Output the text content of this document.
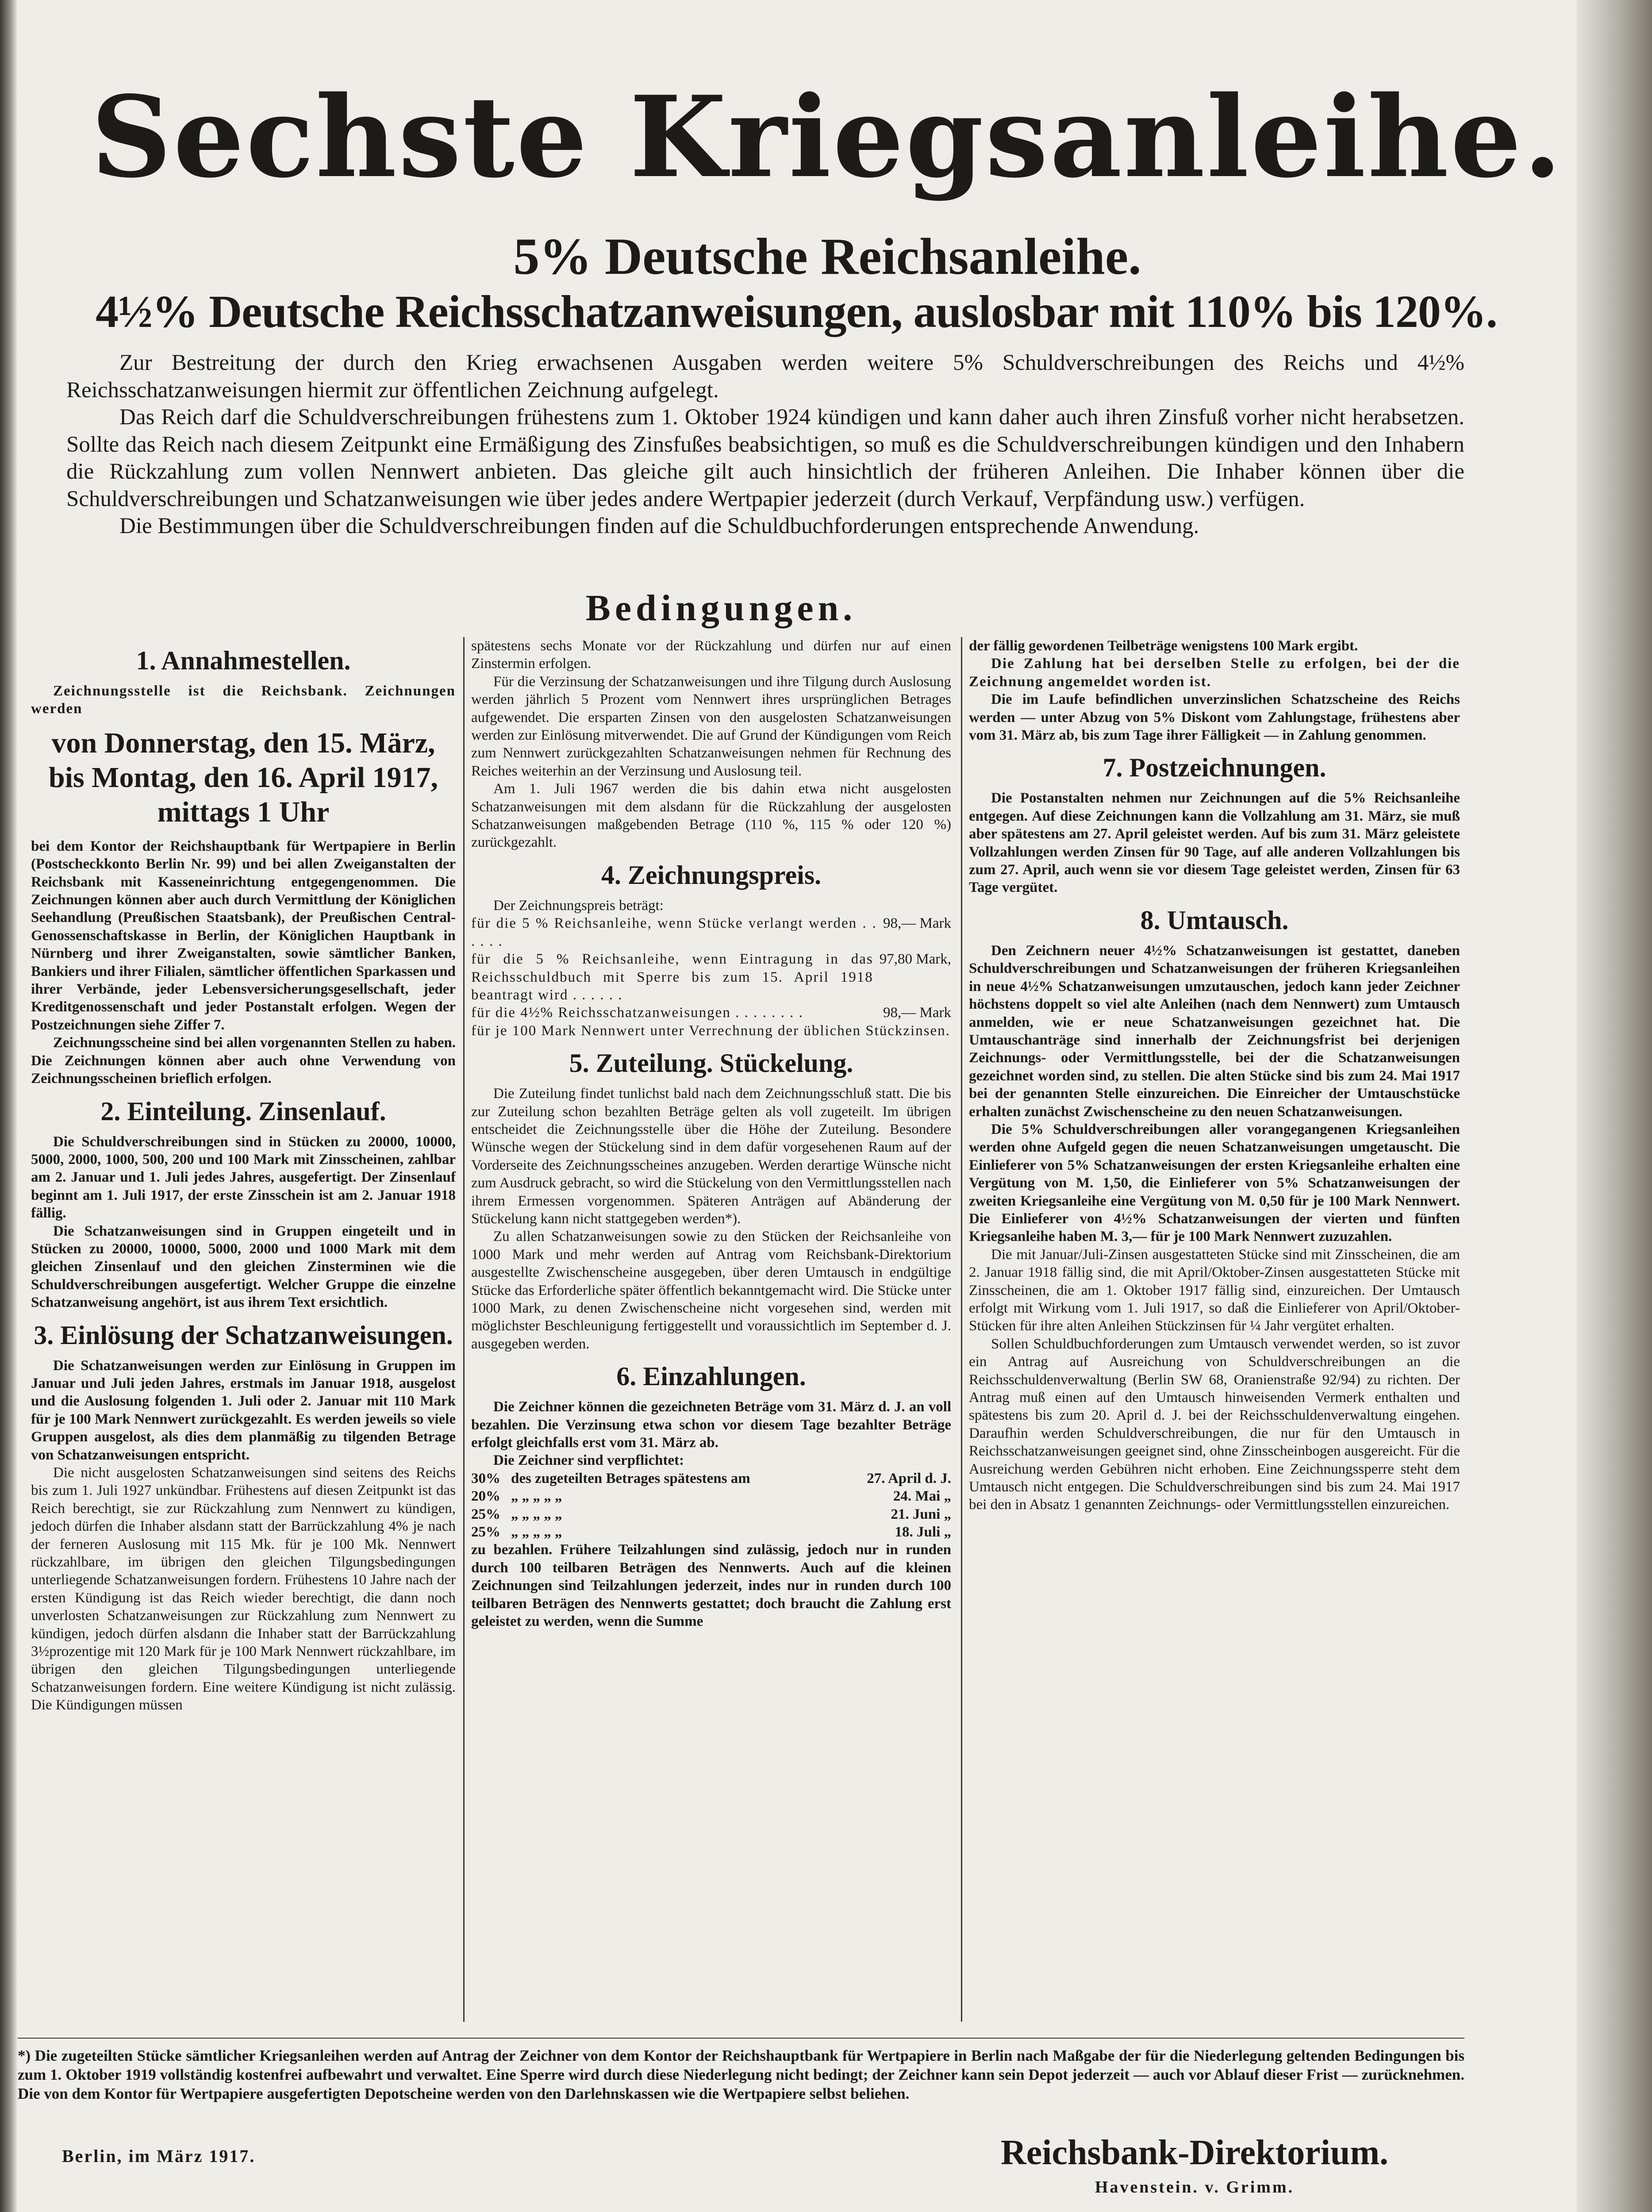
Sechste Kriegsanleihe.
5% Deutsche Reichsanleihe.
4½% Deutsche Reichsschatzanweisungen, auslosbar mit 110% bis 120%.

Zur Bestreitung der durch den Krieg erwachsenen Ausgaben werden weitere 5% Schuldverschreibungen des Reichs und 4½% Reichsschatzanweisungen hiermit zur öffentlichen Zeichnung aufgelegt.

Das Reich darf die Schuldverschreibungen frühestens zum 1. Oktober 1924 kündigen und kann daher auch ihren Zinsfuß vorher nicht herabsetzen. Sollte das Reich nach diesem Zeitpunkt eine Ermäßigung des Zinsfußes beabsichtigen, so muß es die Schuldverschreibungen kündigen und den Inhabern die Rückzahlung zum vollen Nennwert anbieten. Das gleiche gilt auch hinsichtlich der früheren Anleihen. Die Inhaber können über die Schuldverschreibungen und Schatzanweisungen wie über jedes andere Wertpapier jederzeit (durch Verkauf, Verpfändung usw.) verfügen.

Die Bestimmungen über die Schuldverschreibungen finden auf die Schuldbuchforderungen entsprechende Anwendung.

Bedingungen.
1. Annahmestellen.

Zeichnungsstelle ist die Reichsbank. Zeichnungen werden

von Donnerstag, den 15. März, bis Montag, den 16. April 1917, mittags 1 Uhr

bei dem Kontor der Reichshauptbank für Wertpapiere in Berlin (Postscheckkonto Berlin Nr. 99) und bei allen Zweiganstalten der Reichsbank mit Kasseneinrichtung entgegengenommen. Die Zeichnungen können aber auch durch Vermittlung der Königlichen Seehandlung (Preußischen Staatsbank), der Preußischen Central-Genossenschaftskasse in Berlin, der Königlichen Hauptbank in Nürnberg und ihrer Zweiganstalten, sowie sämtlicher Banken, Bankiers und ihrer Filialen, sämtlicher öffentlichen Sparkassen und ihrer Verbände, jeder Lebensversicherungsgesellschaft, jeder Kreditgenossenschaft und jeder Postanstalt erfolgen. Wegen der Postzeichnungen siehe Ziffer 7.

Zeichnungsscheine sind bei allen vorgenannten Stellen zu haben. Die Zeichnungen können aber auch ohne Verwendung von Zeichnungsscheinen brieflich erfolgen.

2. Einteilung. Zinsenlauf.

Die Schuldverschreibungen sind in Stücken zu 20000, 10000, 5000, 2000, 1000, 500, 200 und 100 Mark mit Zinsscheinen, zahlbar am 2. Januar und 1. Juli jedes Jahres, ausgefertigt. Der Zinsenlauf beginnt am 1. Juli 1917, der erste Zinsschein ist am 2. Januar 1918 fällig.

Die Schatzanweisungen sind in Gruppen eingeteilt und in Stücken zu 20000, 10000, 5000, 2000 und 1000 Mark mit dem gleichen Zinsenlauf und den gleichen Zinsterminen wie die Schuldverschreibungen ausgefertigt. Welcher Gruppe die einzelne Schatzanweisung angehört, ist aus ihrem Text ersichtlich.

3. Einlösung der Schatzanweisungen.

Die Schatzanweisungen werden zur Einlösung in Gruppen im Januar und Juli jeden Jahres, erstmals im Januar 1918, ausgelost und die Auslosung folgenden 1. Juli oder 2. Januar mit 110 Mark für je 100 Mark Nennwert zurückgezahlt. Es werden jeweils so viele Gruppen ausgelost, als dies dem planmäßig zu tilgenden Betrage von Schatzanweisungen entspricht.

Die nicht ausgelosten Schatzanweisungen sind seitens des Reichs bis zum 1. Juli 1927 unkündbar. Frühestens auf diesen Zeitpunkt ist das Reich berechtigt, sie zur Rückzahlung zum Nennwert zu kündigen, jedoch dürfen die Inhaber alsdann statt der Barrückzahlung 4% je nach der ferneren Auslosung mit 115 Mk. für je 100 Mk. Nennwert rückzahlbare, im übrigen den gleichen Tilgungsbedingungen unterliegende Schatzanweisungen fordern. Frühestens 10 Jahre nach der ersten Kündigung ist das Reich wieder berechtigt, die dann noch unverlosten Schatzanweisungen zur Rückzahlung zum Nennwert zu kündigen, jedoch dürfen alsdann die Inhaber statt der Barrückzahlung 3½prozentige mit 120 Mark für je 100 Mark Nennwert rückzahlbare, im übrigen den gleichen Tilgungsbedingungen unterliegende Schatzanweisungen fordern. Eine weitere Kündigung ist nicht zulässig. Die Kündigungen müssen

spätestens sechs Monate vor der Rückzahlung und dürfen nur auf einen Zinstermin erfolgen.

Für die Verzinsung der Schatzanweisungen und ihre Tilgung durch Auslosung werden jährlich 5 Prozent vom Nennwert ihres ursprünglichen Betrages aufgewendet. Die ersparten Zinsen von den ausgelosten Schatzanweisungen werden zur Einlösung mitverwendet. Die auf Grund der Kündigungen vom Reich zum Nennwert zurückgezahlten Schatzanweisungen nehmen für Rechnung des Reiches weiterhin an der Verzinsung und Auslosung teil.

Am 1. Juli 1967 werden die bis dahin etwa nicht ausgelosten Schatzanweisungen mit dem alsdann für die Rückzahlung der ausgelosten Schatzanweisungen maßgebenden Betrage (110 %, 115 % oder 120 %) zurückgezahlt.

4. Zeichnungspreis.

Der Zeichnungspreis beträgt:

für die 5 % Reichsanleihe, wenn Stücke verlangt werden . . . . . .
98,— Mark
für die 5 % Reichsanleihe, wenn Eintragung in das Reichsschuldbuch mit Sperre bis zum 15. April 1918 beantragt wird . . . . . .
97,80 Mark,
für die 4½% Reichsschatzanweisungen . . . . . . . .	98,— Mark

für je 100 Mark Nennwert unter Verrechnung der üblichen Stückzinsen.

5. Zuteilung. Stückelung.

Die Zuteilung findet tunlichst bald nach dem Zeichnungsschluß statt. Die bis zur Zuteilung schon bezahlten Beträge gelten als voll zugeteilt. Im übrigen entscheidet die Zeichnungsstelle über die Höhe der Zuteilung. Besondere Wünsche wegen der Stückelung sind in dem dafür vorgesehenen Raum auf der Vorderseite des Zeichnungsscheines anzugeben. Werden derartige Wünsche nicht zum Ausdruck gebracht, so wird die Stückelung von den Vermittlungsstellen nach ihrem Ermessen vorgenommen. Späteren Anträgen auf Abänderung der Stückelung kann nicht stattgegeben werden*).

Zu allen Schatzanweisungen sowie zu den Stücken der Reichsanleihe von 1000 Mark und mehr werden auf Antrag vom Reichsbank-Direktorium ausgestellte Zwischenscheine ausgegeben, über deren Umtausch in endgültige Stücke das Erforderliche später öffentlich bekanntgemacht wird. Die Stücke unter 1000 Mark, zu denen Zwischenscheine nicht vorgesehen sind, werden mit möglichster Beschleunigung fertiggestellt und voraussichtlich im September d. J. ausgegeben werden.

6. Einzahlungen.

Die Zeichner können die gezeichneten Beträge vom 31. März d. J. an voll bezahlen. Die Verzinsung etwa schon vor diesem Tage bezahlter Beträge erfolgt gleichfalls erst vom 31. März ab.

Die Zeichner sind verpflichtet:

30% des zugeteilten Betrages spätestens am	27. April d. J.
20% „ „ „ „ „	24. Mai „
25% „ „ „ „ „	21. Juni „
25% „ „ „ „ „	18. Juli „

zu bezahlen. Frühere Teilzahlungen sind zulässig, jedoch nur in runden durch 100 teilbaren Beträgen des Nennwerts. Auch auf die kleinen Zeichnungen sind Teilzahlungen jederzeit, indes nur in runden durch 100 teilbaren Beträgen des Nennwerts gestattet; doch braucht die Zahlung erst geleistet zu werden, wenn die Summe

der fällig gewordenen Teilbeträge wenigstens 100 Mark ergibt.

Die Zahlung hat bei derselben Stelle zu erfolgen, bei der die Zeichnung angemeldet worden ist.

Die im Laufe befindlichen unverzinslichen Schatzscheine des Reichs werden — unter Abzug von 5% Diskont vom Zahlungstage, frühestens aber vom 31. März ab, bis zum Tage ihrer Fälligkeit — in Zahlung genommen.

7. Postzeichnungen.

Die Postanstalten nehmen nur Zeichnungen auf die 5% Reichsanleihe entgegen. Auf diese Zeichnungen kann die Vollzahlung am 31. März, sie muß aber spätestens am 27. April geleistet werden. Auf bis zum 31. März geleistete Vollzahlungen werden Zinsen für 90 Tage, auf alle anderen Vollzahlungen bis zum 27. April, auch wenn sie vor diesem Tage geleistet werden, Zinsen für 63 Tage vergütet.

8. Umtausch.

Den Zeichnern neuer 4½% Schatzanweisungen ist gestattet, daneben Schuldverschreibungen und Schatzanweisungen der früheren Kriegsanleihen in neue 4½% Schatzanweisungen umzutauschen, jedoch kann jeder Zeichner höchstens doppelt so viel alte Anleihen (nach dem Nennwert) zum Umtausch anmelden, wie er neue Schatzanweisungen gezeichnet hat. Die Umtauschanträge sind innerhalb der Zeichnungsfrist bei derjenigen Zeichnungs- oder Vermittlungsstelle, bei der die Schatzanweisungen gezeichnet worden sind, zu stellen. Die alten Stücke sind bis zum 24. Mai 1917 bei der genannten Stelle einzureichen. Die Einreicher der Umtauschstücke erhalten zunächst Zwischenscheine zu den neuen Schatzanweisungen.

Die 5% Schuldverschreibungen aller vorangegangenen Kriegsanleihen werden ohne Aufgeld gegen die neuen Schatzanweisungen umgetauscht. Die Einlieferer von 5% Schatzanweisungen der ersten Kriegsanleihe erhalten eine Vergütung von M. 1,50, die Einlieferer von 5% Schatzanweisungen der zweiten Kriegsanleihe eine Vergütung von M. 0,50 für je 100 Mark Nennwert. Die Einlieferer von 4½% Schatzanweisungen der vierten und fünften Kriegsanleihe haben M. 3,— für je 100 Mark Nennwert zuzuzahlen.

Die mit Januar/Juli-Zinsen ausgestatteten Stücke sind mit Zinsscheinen, die am 2. Januar 1918 fällig sind, die mit April/Oktober-Zinsen ausgestatteten Stücke mit Zinsscheinen, die am 1. Oktober 1917 fällig sind, einzureichen. Der Umtausch erfolgt mit Wirkung vom 1. Juli 1917, so daß die Einlieferer von April/Oktober-Stücken für ihre alten Anleihen Stückzinsen für ¼ Jahr vergütet erhalten.

Sollen Schuldbuchforderungen zum Umtausch verwendet werden, so ist zuvor ein Antrag auf Ausreichung von Schuldverschreibungen an die Reichsschuldenverwaltung (Berlin SW 68, Oranienstraße 92/94) zu richten. Der Antrag muß einen auf den Umtausch hinweisenden Vermerk enthalten und spätestens bis zum 20. April d. J. bei der Reichsschuldenverwaltung eingehen. Daraufhin werden Schuldverschreibungen, die nur für den Umtausch in Reichsschatzanweisungen geeignet sind, ohne Zinsscheinbogen ausgereicht. Für die Ausreichung werden Gebühren nicht erhoben. Eine Zeichnungssperre steht dem Umtausch nicht entgegen. Die Schuldverschreibungen sind bis zum 24. Mai 1917 bei den in Absatz 1 genannten Zeichnungs- oder Vermittlungsstellen einzureichen.

*) Die zugeteilten Stücke sämtlicher Kriegsanleihen werden auf Antrag der Zeichner von dem Kontor der Reichshauptbank für Wertpapiere in Berlin nach Maßgabe der für die Niederlegung geltenden Bedingungen bis zum 1. Oktober 1919 vollständig kostenfrei aufbewahrt und verwaltet. Eine Sperre wird durch diese Niederlegung nicht bedingt; der Zeichner kann sein Depot jederzeit — auch vor Ablauf dieser Frist — zurücknehmen. Die von dem Kontor für Wertpapiere ausgefertigten Depotscheine werden von den Darlehnskassen wie die Wertpapiere selbst beliehen.
Berlin, im März 1917.	Reichsbank-Direktorium.
Havenstein. v. Grimm.
